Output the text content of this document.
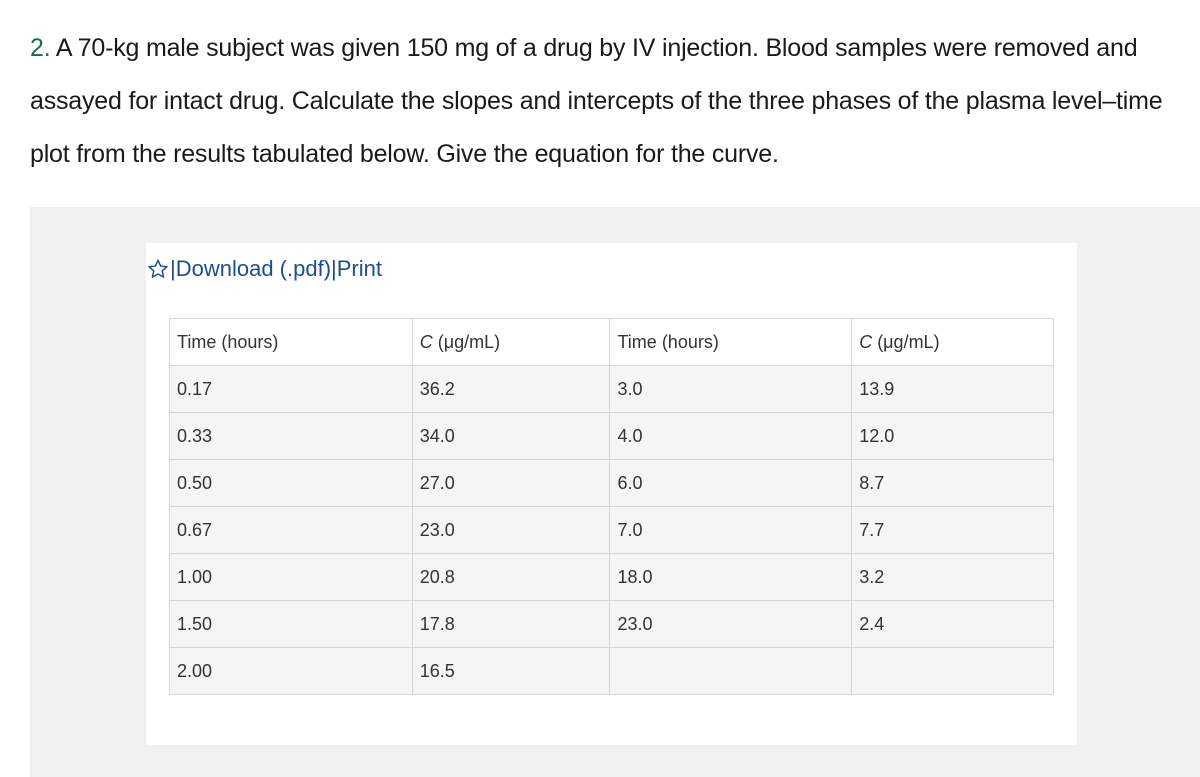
2. A 70-kg male subject was given 150 mg of a drug by IV injection. Blood samples were removed and assayed for intact drug. Calculate the slopes and intercepts of the three phases of the plasma level–time plot from the results tabulated below. Give the equation for the curve.

| Download (.pdf) | Print
Time (hours)	C (μg/mL)	Time (hours)	C (μg/mL)
0.17	36.2	3.0	13.9
0.33	34.0	4.0	12.0
0.50	27.0	6.0	8.7
0.67	23.0	7.0	7.7
1.00	20.8	18.0	3.2
1.50	17.8	23.0	2.4
2.00	16.5		
